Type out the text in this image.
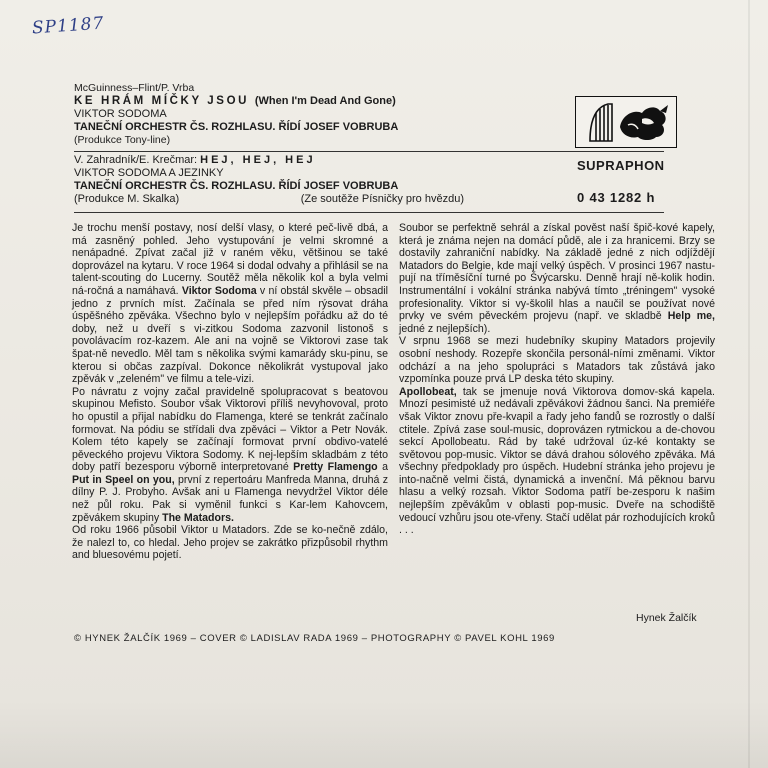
SP1187
McGuinness–Flint/P. Vrba
KE HRÁM MÍČKY JSOU (When I'm Dead And Gone)
VIKTOR SODOMA
TANEČNÍ ORCHESTR ČS. ROZHLASU. ŘÍDÍ JOSEF VOBRUBA
(Produkce Tony-line)
V. Zahradník/E. Krečmar: HEJ, HEJ, HEJ
VIKTOR SODOMA A JEZINKY
TANEČNÍ ORCHESTR ČS. ROZHLASU. ŘÍDÍ JOSEF VOBRUBA
(Produkce M. Skalka)	(Ze soutěže Písničky pro hvězdu)
SUPRAPHON
0 43 1282 h

Je trochu menší postavy, nosí delší vlasy, o které peč-livě dbá, a má zasněný pohled. Jeho vystupování je velmi skromné a nenápadné. Zpívat začal již v raném věku, většinou se také doprovázel na kytaru. V roce 1964 si dodal odvahy a přihlásil se na talent-scouting do Lucerny. Soutěž měla několik kol a byla velmi ná-ročná a namáhavá. Viktor Sodoma v ní obstál skvěle – obsadil jedno z prvních míst. Začínala se před ním rýsovat dráha úspěšného zpěváka. Všechno bylo v nejlepším pořádku až do té doby, než u dveří s vi-zitkou Sodoma zazvonil listonoš s povolávacím roz-kazem. Ale ani na vojně se Viktorovi zase tak špat-ně nevedlo. Měl tam s několika svými kamarády sku-pinu, se kterou si občas zazpíval. Dokonce několikrát vystupoval jako zpěvák v „zeleném" ve filmu a tele-vizi.

Po návratu z vojny začal pravidelně spolupracovat s beatovou skupinou Mefisto. Soubor však Viktorovi příliš nevyhovoval, proto ho opustil a přijal nabídku do Flamenga, které se tenkrát začínalo formovat. Na pódiu se střídali dva zpěváci – Viktor a Petr Novák. Kolem této kapely se začínají formovat první obdivo-vatelé pěveckého projevu Viktora Sodomy. K nej-lepším skladbám z této doby patří bezesporu výborně interpretované Pretty Flamengo a Put in Speel on you, první z repertoáru Manfreda Manna, druhá z dílny P. J. Probyho. Avšak ani u Flamenga nevydržel Viktor déle než půl roku. Pak si vyměnil funkci s Kar-lem Kahovcem, zpěvákem skupiny The Matadors.

Od roku 1966 působil Viktor u Matadors. Zde se ko-nečně zdálo, že nalezl to, co hledal. Jeho projev se zakrátko přizpůsobil rhythm and bluesovému pojetí.

Soubor se perfektně sehrál a získal pověst naší špič-kové kapely, která je známa nejen na domácí půdě, ale i za hranicemi. Brzy se dostavily zahraniční nabídky. Na základě jedné z nich odjíždějí Matadors do Belgie, kde mají velký úspěch. V prosinci 1967 nastu-pují na tříměsíční turné po Švýcarsku. Denně hrají ně-kolik hodin. Instrumentální i vokální stránka nabývá tímto „tréningem" vysoké profesionality. Viktor si vy-školil hlas a naučil se používat nové prvky ve svém pěveckém projevu (např. ve skladbě Help me, jedné z nejlepších).

V srpnu 1968 se mezi hudebníky skupiny Matadors projevily osobní neshody. Rozepře skončila personál-ními změnami. Viktor odchází a na jeho spolupráci s Matadors tak zůstává jako vzpomínka pouze prvá LP deska této skupiny.

Apollobeat, tak se jmenuje nová Viktorova domov-ská kapela. Mnozí pesimisté už nedávali zpěvákovi žádnou šanci. Na premiéře však Viktor znovu pře-kvapil a řady jeho fandů se rozrostly o další ctitele. Zpívá zase soul-music, doprovázen rytmickou a de-chovou sekcí Apollobeatu. Rád by také udržoval úz-ké kontakty se světovou pop-music. Viktor se dává drahou sólového zpěváka. Má všechny předpoklady pro úspěch. Hudební stránka jeho projevu je into-načně velmi čistá, dynamická a invenční. Má pěknou barvu hlasu a velký rozsah. Viktor Sodoma patří be-zesporu k našim nejlepším zpěvákům v oblasti pop-music. Dveře na schodiště vedoucí vzhůru jsou ote-vřeny. Stačí udělat pár rozhodujících kroků . . .

Hynek Žalčík
© HYNEK ŽALČÍK 1969 – COVER © LADISLAV RADA 1969 – PHOTOGRAPHY © PAVEL KOHL 1969
